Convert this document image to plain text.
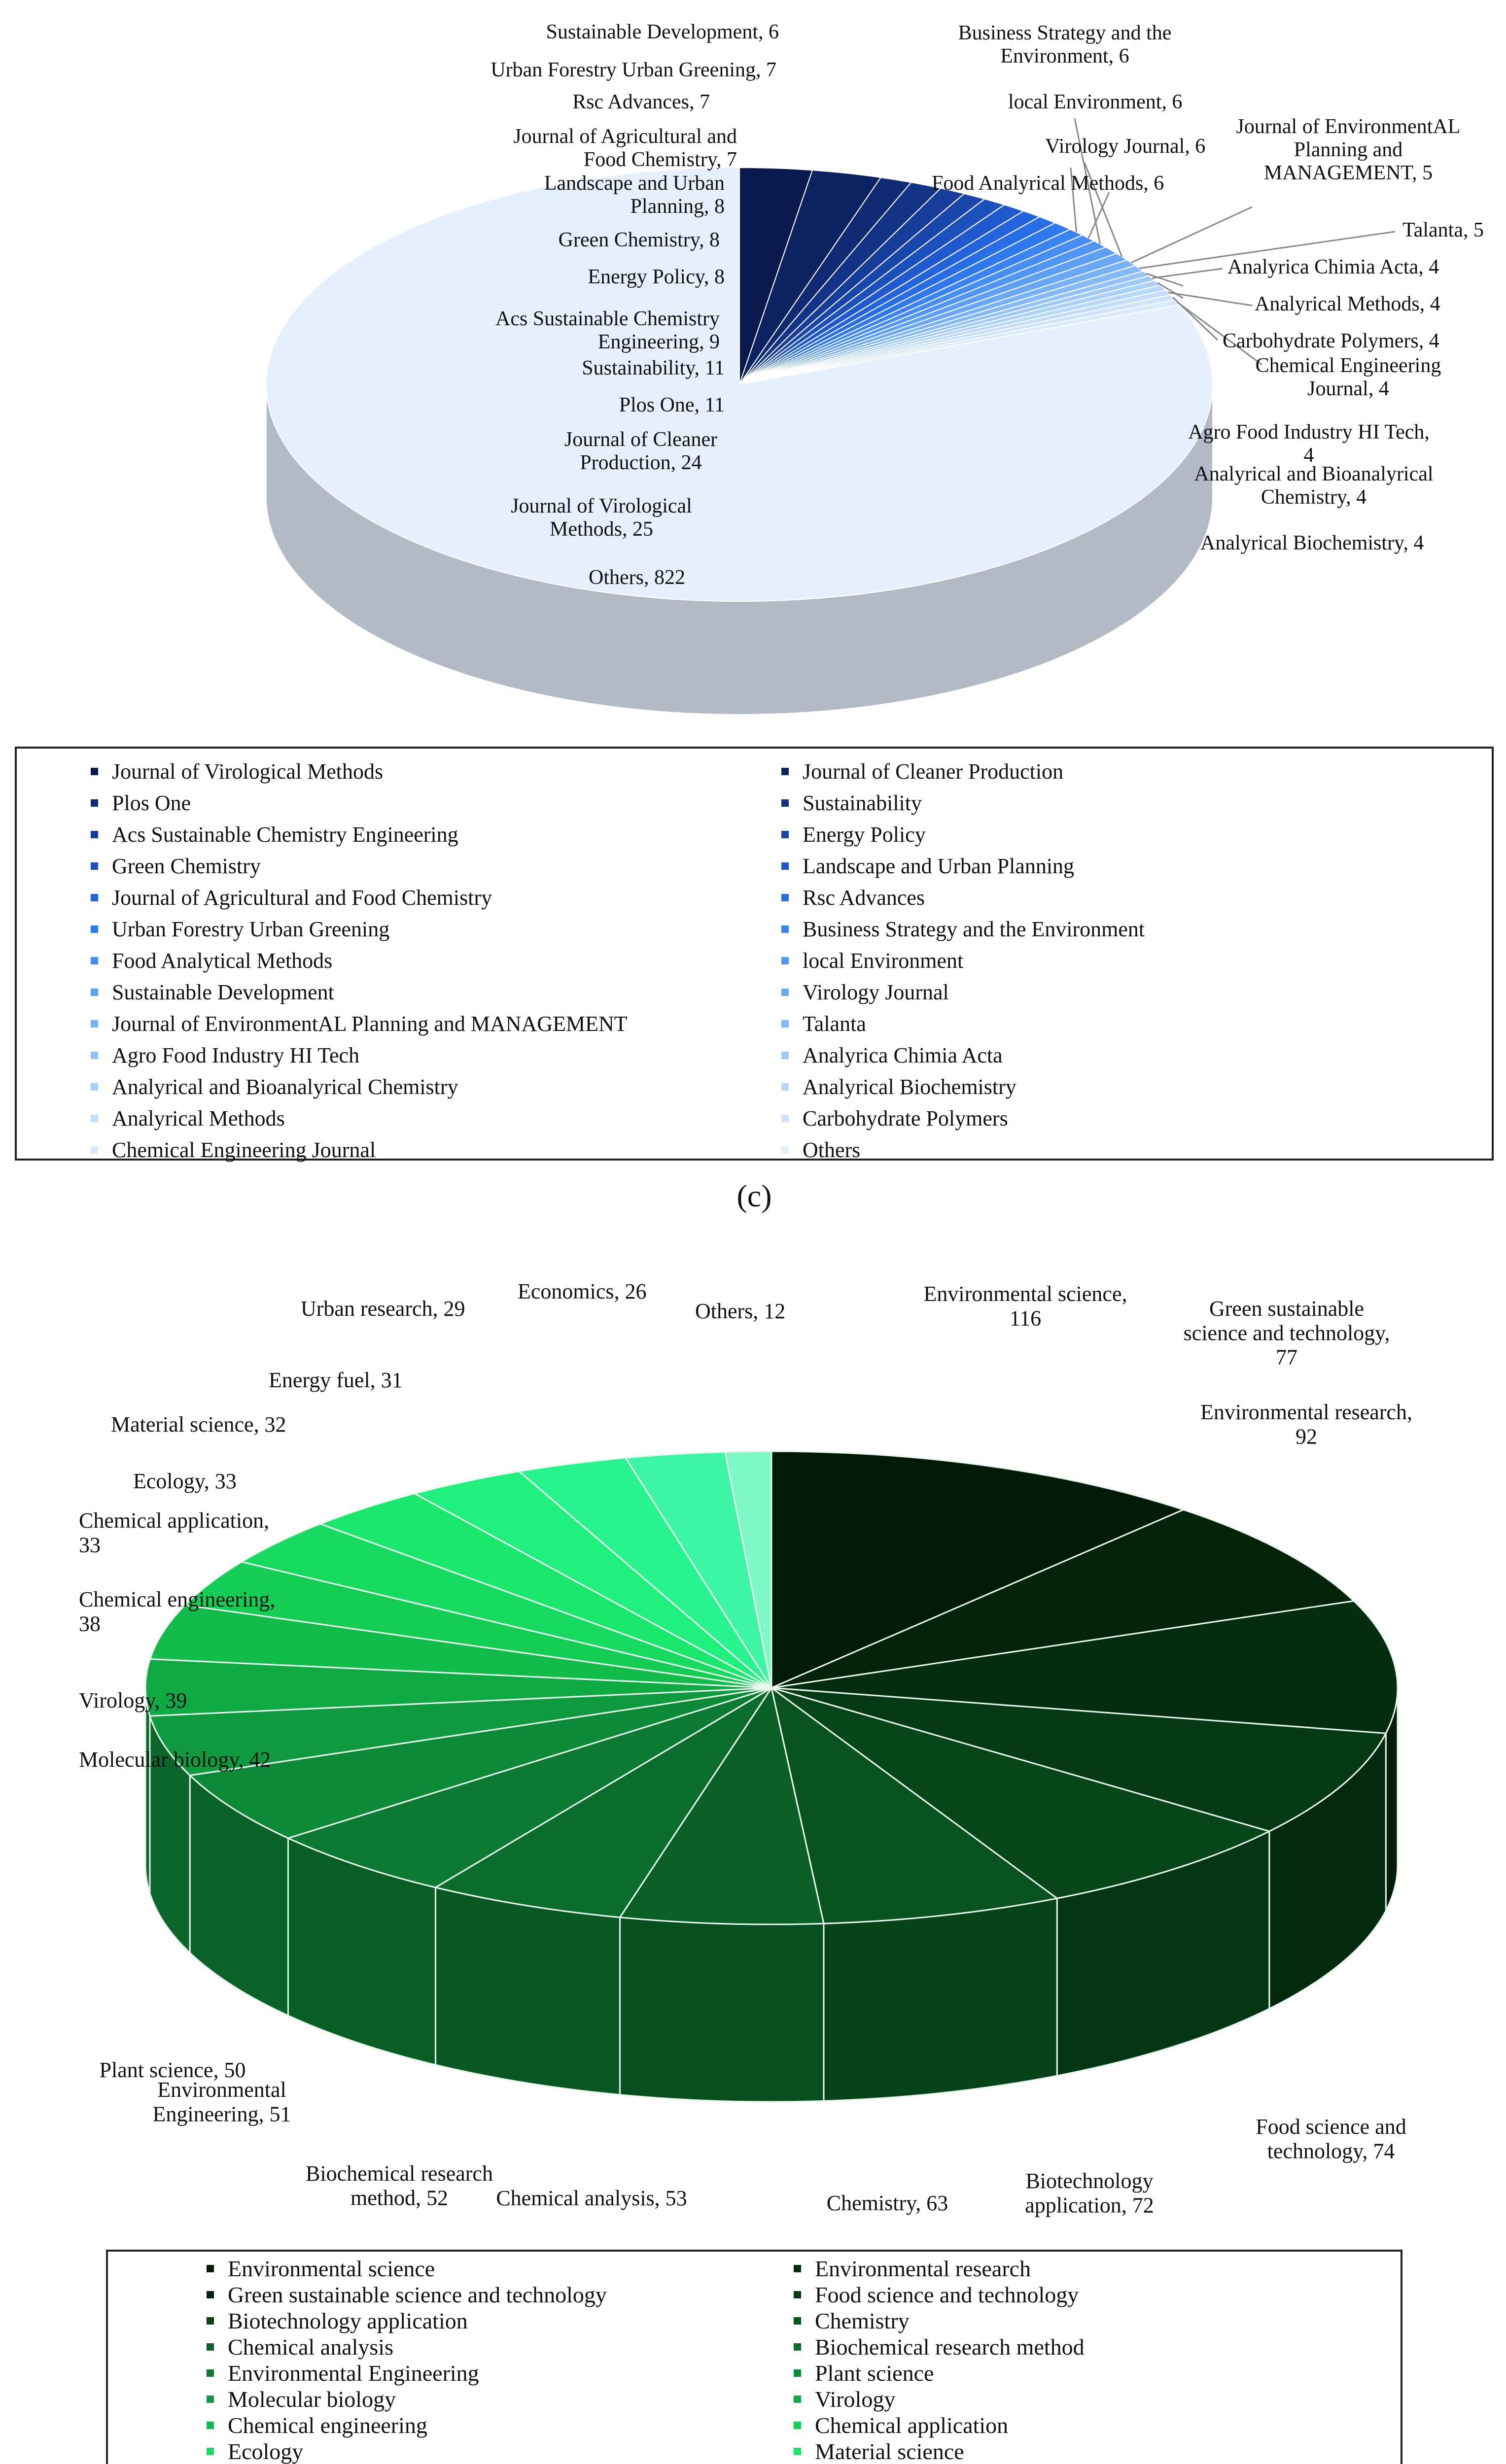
Journal of Virological Methods, 25
Journal of Cleaner Production, 24
Plos One, 11
Sustainability, 11
Acs Sustainable Chemistry Engineering, 9
Energy Policy, 8
Green Chemistry, 8
Landscape and Urban Planning, 8
Journal of Agricultural and Food Chemistry, 7
Rsc Advances, 7
Urban Forestry Urban Greening, 7
Business Strategy and the Environment, 6
Food Analyrical Methods, 6
local Environment, 6
Sustainable Development, 6
Virology Journal, 6
Journal of EnvironmentAL Planning and MANAGEMENT, 5
Talanta, 5
Agro Food Industry HI Tech, 4
Analyrica Chimia Acta, 4
Analyrical and Bioanalyrical Chemistry, 4
Analyrical Biochemistry, 4
Analyrical Methods, 4
Carbohydrate Polymers, 4
Chemical Engineering Journal, 4
Others, 822
Journal of Virological Methods	Journal of Cleaner Production
Plos One	Sustainability
Acs Sustainable Chemistry Engineering	Energy Policy
Green Chemistry	Landscape and Urban Planning
Journal of Agricultural and Food Chemistry	Rsc Advances
Urban Forestry Urban Greening	Business Strategy and the Environment
Food Analytical Methods	local Environment
Sustainable Development	Virology Journal
Journal of EnvironmentAL Planning and MANAGEMENT	Talanta
Agro Food Industry HI Tech	Analyrica Chimia Acta
Analyrical and Bioanalyrical Chemistry	Analyrical Biochemistry
Analyrical Methods	Carbohydrate Polymers
Chemical Engineering Journal	Others
(c)
Environmental science, 116	Green sustainable science and technology, 77
Environmental research, 92
Food science and technology, 74
Biotechnology application, 72
Chemistry, 63
Chemical analysis, 53
Biochemical research method, 52
Environmental Engineering, 51
Plant science, 50
Molecular biology, 42
Virology, 39
Chemical engineering, 38
Chemical application, 33
Ecology, 33
Material science, 32
Energy fuel, 31
Urban research, 29
Economics, 26
Others, 12
Environmental science	Environmental research
Green sustainable science and technology	Food science and technology
Biotechnology application	Chemistry
Chemical analysis	Biochemical research method
Environmental Engineering	Plant science
Molecular biology	Virology
Chemical engineering	Chemical application
Ecology	Material science
